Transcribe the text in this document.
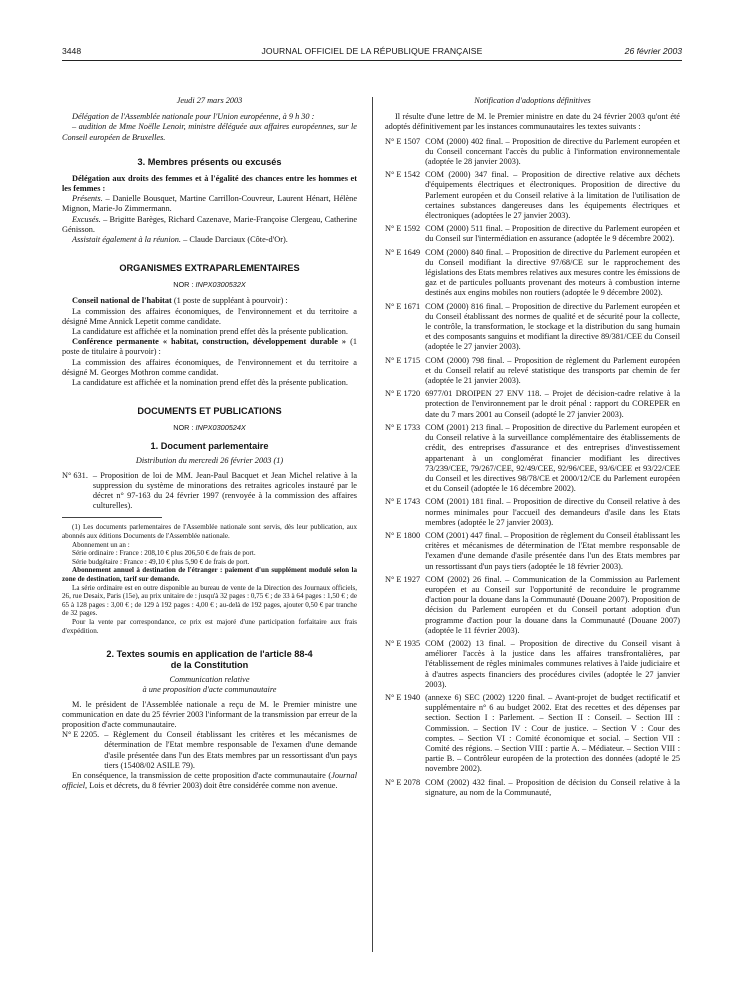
3448	JOURNAL OFFICIEL DE LA RÉPUBLIQUE FRANÇAISE	26 février 2003

Jeudi 27 mars 2003

Délégation de l'Assemblée nationale pour l'Union européenne, à 9 h 30 :

– audition de Mme Noëlle Lenoir, ministre déléguée aux affaires européennes, sur le Conseil européen de Bruxelles.

3. Membres présents ou excusés

Délégation aux droits des femmes et à l'égalité des chances entre les hommes et les femmes :

Présents. – Danielle Bousquet, Martine Carrillon-Couvreur, Laurent Hénart, Hélène Mignon, Marie-Jo Zimmermann.

Excusés. – Brigitte Barèges, Richard Cazenave, Marie-Françoise Clergeau, Catherine Génisson.

Assistait également à la réunion. – Claude Darciaux (Côte-d'Or).

ORGANISMES EXTRAPARLEMENTAIRES

NOR : INPX0300532X

Conseil national de l'habitat (1 poste de suppléant à pourvoir) :

La commission des affaires économiques, de l'environnement et du territoire a désigné Mme Annick Lepetit comme candidate.

La candidature est affichée et la nomination prend effet dès la présente publication.

Conférence permanente « habitat, construction, développement durable » (1 poste de titulaire à pourvoir) :

La commission des affaires économiques, de l'environnement et du territoire a désigné M. Georges Mothron comme candidat.

La candidature est affichée et la nomination prend effet dès la présente publication.

DOCUMENTS ET PUBLICATIONS

NOR : INPX0300524X

1. Document parlementaire

Distribution du mercredi 26 février 2003 (1)

N° 631. – Proposition de loi de MM. Jean-Paul Bacquet et Jean Michel relative à la suppression du système de minorations des retraites agricoles instauré par le décret n° 97-163 du 24 février 1997 (renvoyée à la commission des affaires culturelles).

(1) Les documents parlementaires de l'Assemblée nationale sont servis, dès leur publication, aux abonnés aux éditions Documents de l'Assemblée nationale.

Abonnement un an :

Série ordinaire : France : 208,10 € plus 206,50 € de frais de port.

Série budgétaire : France : 49,10 € plus 5,90 € de frais de port.

Abonnement annuel à destination de l'étranger : paiement d'un supplément modulé selon la zone de destination, tarif sur demande.

La série ordinaire est en outre disponible au bureau de vente de la Direction des Journaux officiels, 26, rue Desaix, Paris (15e), au prix unitaire de : jusqu'à 32 pages : 0,75 € ; de 33 à 64 pages : 1,50 € ; de 65 à 128 pages : 3,00 € ; de 129 à 192 pages : 4,00 € ; au-delà de 192 pages, ajouter 0,50 € par tranche de 32 pages.

Pour la vente par correspondance, ce prix est majoré d'une participation forfaitaire aux frais d'expédition.

2. Textes soumis en application de l'article 88-4

de la Constitution

Communication relative

à une proposition d'acte communautaire

M. le président de l'Assemblée nationale a reçu de M. le Premier ministre une communication en date du 25 février 2003 l'informant de la transmission par erreur de la proposition d'acte communautaire.

N° E 2205. – Règlement du Conseil établissant les critères et les mécanismes de détermination de l'Etat membre responsable de l'examen d'une demande d'asile présentée dans l'un des Etats membres par un ressortissant d'un pays tiers (15408/02 ASILE 79).

En conséquence, la transmission de cette proposition d'acte communautaire (Journal officiel, Lois et décrets, du 8 février 2003) doit être considérée comme non avenue.

Notification d'adoptions définitives

Il résulte d'une lettre de M. le Premier ministre en date du 24 février 2003 qu'ont été adoptés définitivement par les instances communautaires les textes suivants :

N° E 1507 COM (2000) 402 final. – Proposition de directive du Parlement européen et du Conseil concernant l'accès du public à l'information environnementale (adoptée le 28 janvier 2003).
N° E 1542 COM (2000) 347 final. – Proposition de directive relative aux déchets d'équipements électriques et électroniques. Proposition de directive du Parlement européen et du Conseil relative à la limitation de l'utilisation de certaines substances dangereuses dans les équipements électriques et électroniques (adoptées le 27 janvier 2003).
N° E 1592 COM (2000) 511 final. – Proposition de directive du Parlement européen et du Conseil sur l'intermédiation en assurance (adoptée le 9 décembre 2002).
N° E 1649 COM (2000) 840 final. – Proposition de directive du Parlement européen et du Conseil modifiant la directive 97/68/CE sur le rapprochement des législations des Etats membres relatives aux mesures contre les émissions de gaz et de particules polluants provenant des moteurs à combustion interne destinés aux engins mobiles non routiers (adoptée le 9 décembre 2002).
N° E 1671 COM (2000) 816 final. – Proposition de directive du Parlement européen et du Conseil établissant des normes de qualité et de sécurité pour la collecte, le contrôle, la transformation, le stockage et la distribution du sang humain et des composants sanguins et modifiant la directive 89/381/CEE du Conseil (adoptée le 27 janvier 2003).
N° E 1715 COM (2000) 798 final. – Proposition de règlement du Parlement européen et du Conseil relatif au relevé statistique des transports par chemin de fer (adoptée le 21 janvier 2003).
N° E 1720 6977/01 DROIPEN 27 ENV 118. – Projet de décision-cadre relative à la protection de l'environnement par le droit pénal : rapport du COREPER en date du 7 mars 2001 au Conseil (adopté le 27 janvier 2003).
N° E 1733 COM (2001) 213 final. – Proposition de directive du Parlement européen et du Conseil relative à la surveillance complémentaire des établissements de crédit, des entreprises d'assurance et des entreprises d'investissement appartenant à un conglomérat financier modifiant les directives 73/239/CEE, 79/267/CEE, 92/49/CEE, 92/96/CEE, 93/6/CEE et 93/22/CEE du Conseil et les directives 98/78/CE et 2000/12/CE du Parlement européen et du Conseil (adoptée le 16 décembre 2002).
N° E 1743 COM (2001) 181 final. – Proposition de directive du Conseil relative à des normes minimales pour l'accueil des demandeurs d'asile dans les Etats membres (adoptée le 27 janvier 2003).
N° E 1800 COM (2001) 447 final. – Proposition de règlement du Conseil établissant les critères et mécanismes de détermination de l'Etat membre responsable de l'examen d'une demande d'asile présentée dans l'un des Etats membres par un ressortissant d'un pays tiers (adoptée le 18 février 2003).
N° E 1927 COM (2002) 26 final. – Communication de la Commission au Parlement européen et au Conseil sur l'opportunité de reconduire le programme d'action pour la douane dans la Communauté (Douane 2007). Proposition de décision du Parlement européen et du Conseil portant adoption d'un programme d'action pour la douane dans la Communauté (Douane 2007) (adoptée le 11 février 2003).
N° E 1935 COM (2002) 13 final. – Proposition de directive du Conseil visant à améliorer l'accès à la justice dans les affaires transfrontalières, par l'établissement de règles minimales communes relatives à l'aide judiciaire et à d'autres aspects financiers des procédures civiles (adoptée le 27 janvier 2003).
N° E 1940 (annexe 6) SEC (2002) 1220 final. – Avant-projet de budget rectificatif et supplémentaire n° 6 au budget 2002. Etat des recettes et des dépenses par section. Section I : Parlement. – Section II : Conseil. – Section III : Commission. – Section IV : Cour de justice. – Section V : Cour des comptes. – Section VI : Comité économique et social. – Section VII : Comité des régions. – Section VIII : partie A. – Médiateur. – Section VIII : partie B. – Contrôleur européen de la protection des données (adopté le 25 novembre 2002).
N° E 2078 COM (2002) 432 final. – Proposition de décision du Conseil relative à la signature, au nom de la Communauté,
